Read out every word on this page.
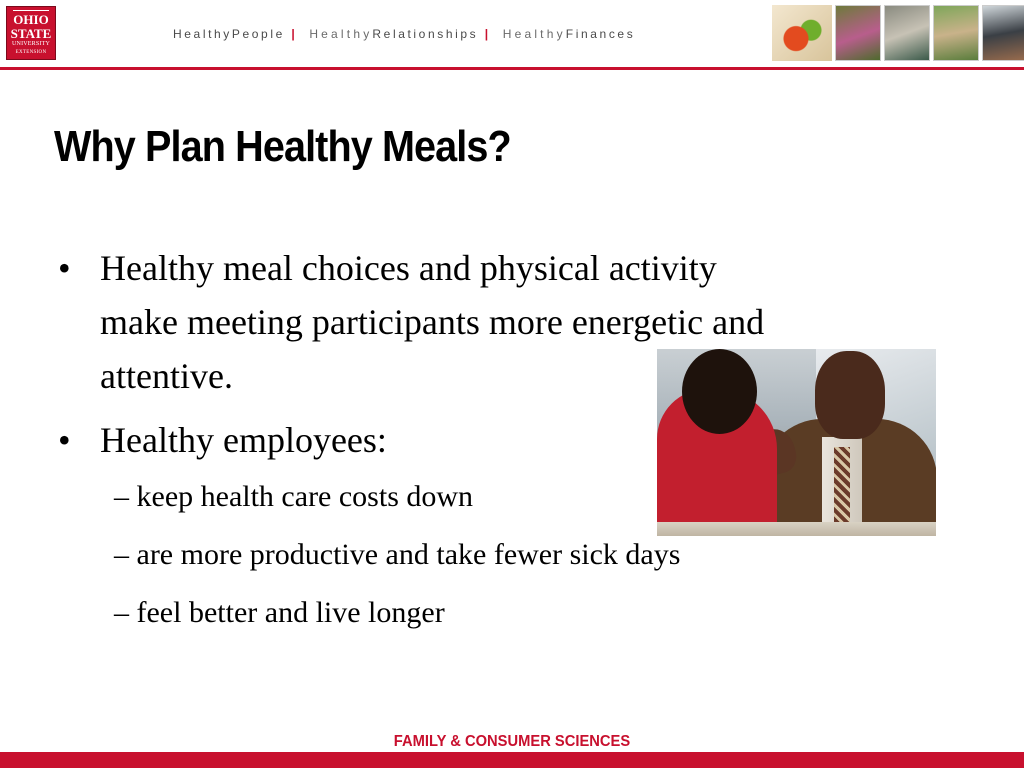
OHIO
STATE
UNIVERSITY
EXTENSION
HealthyPeople | HealthyRelationships | HealthyFinances
Why Plan Healthy Meals?
• Healthy meal choices and physical activity
make meeting participants more energetic and
attentive.
• Healthy employees:
– keep health care costs down
– are more productive and take fewer sick days
– feel better and live longer
FAMILY & CONSUMER SCIENCES
